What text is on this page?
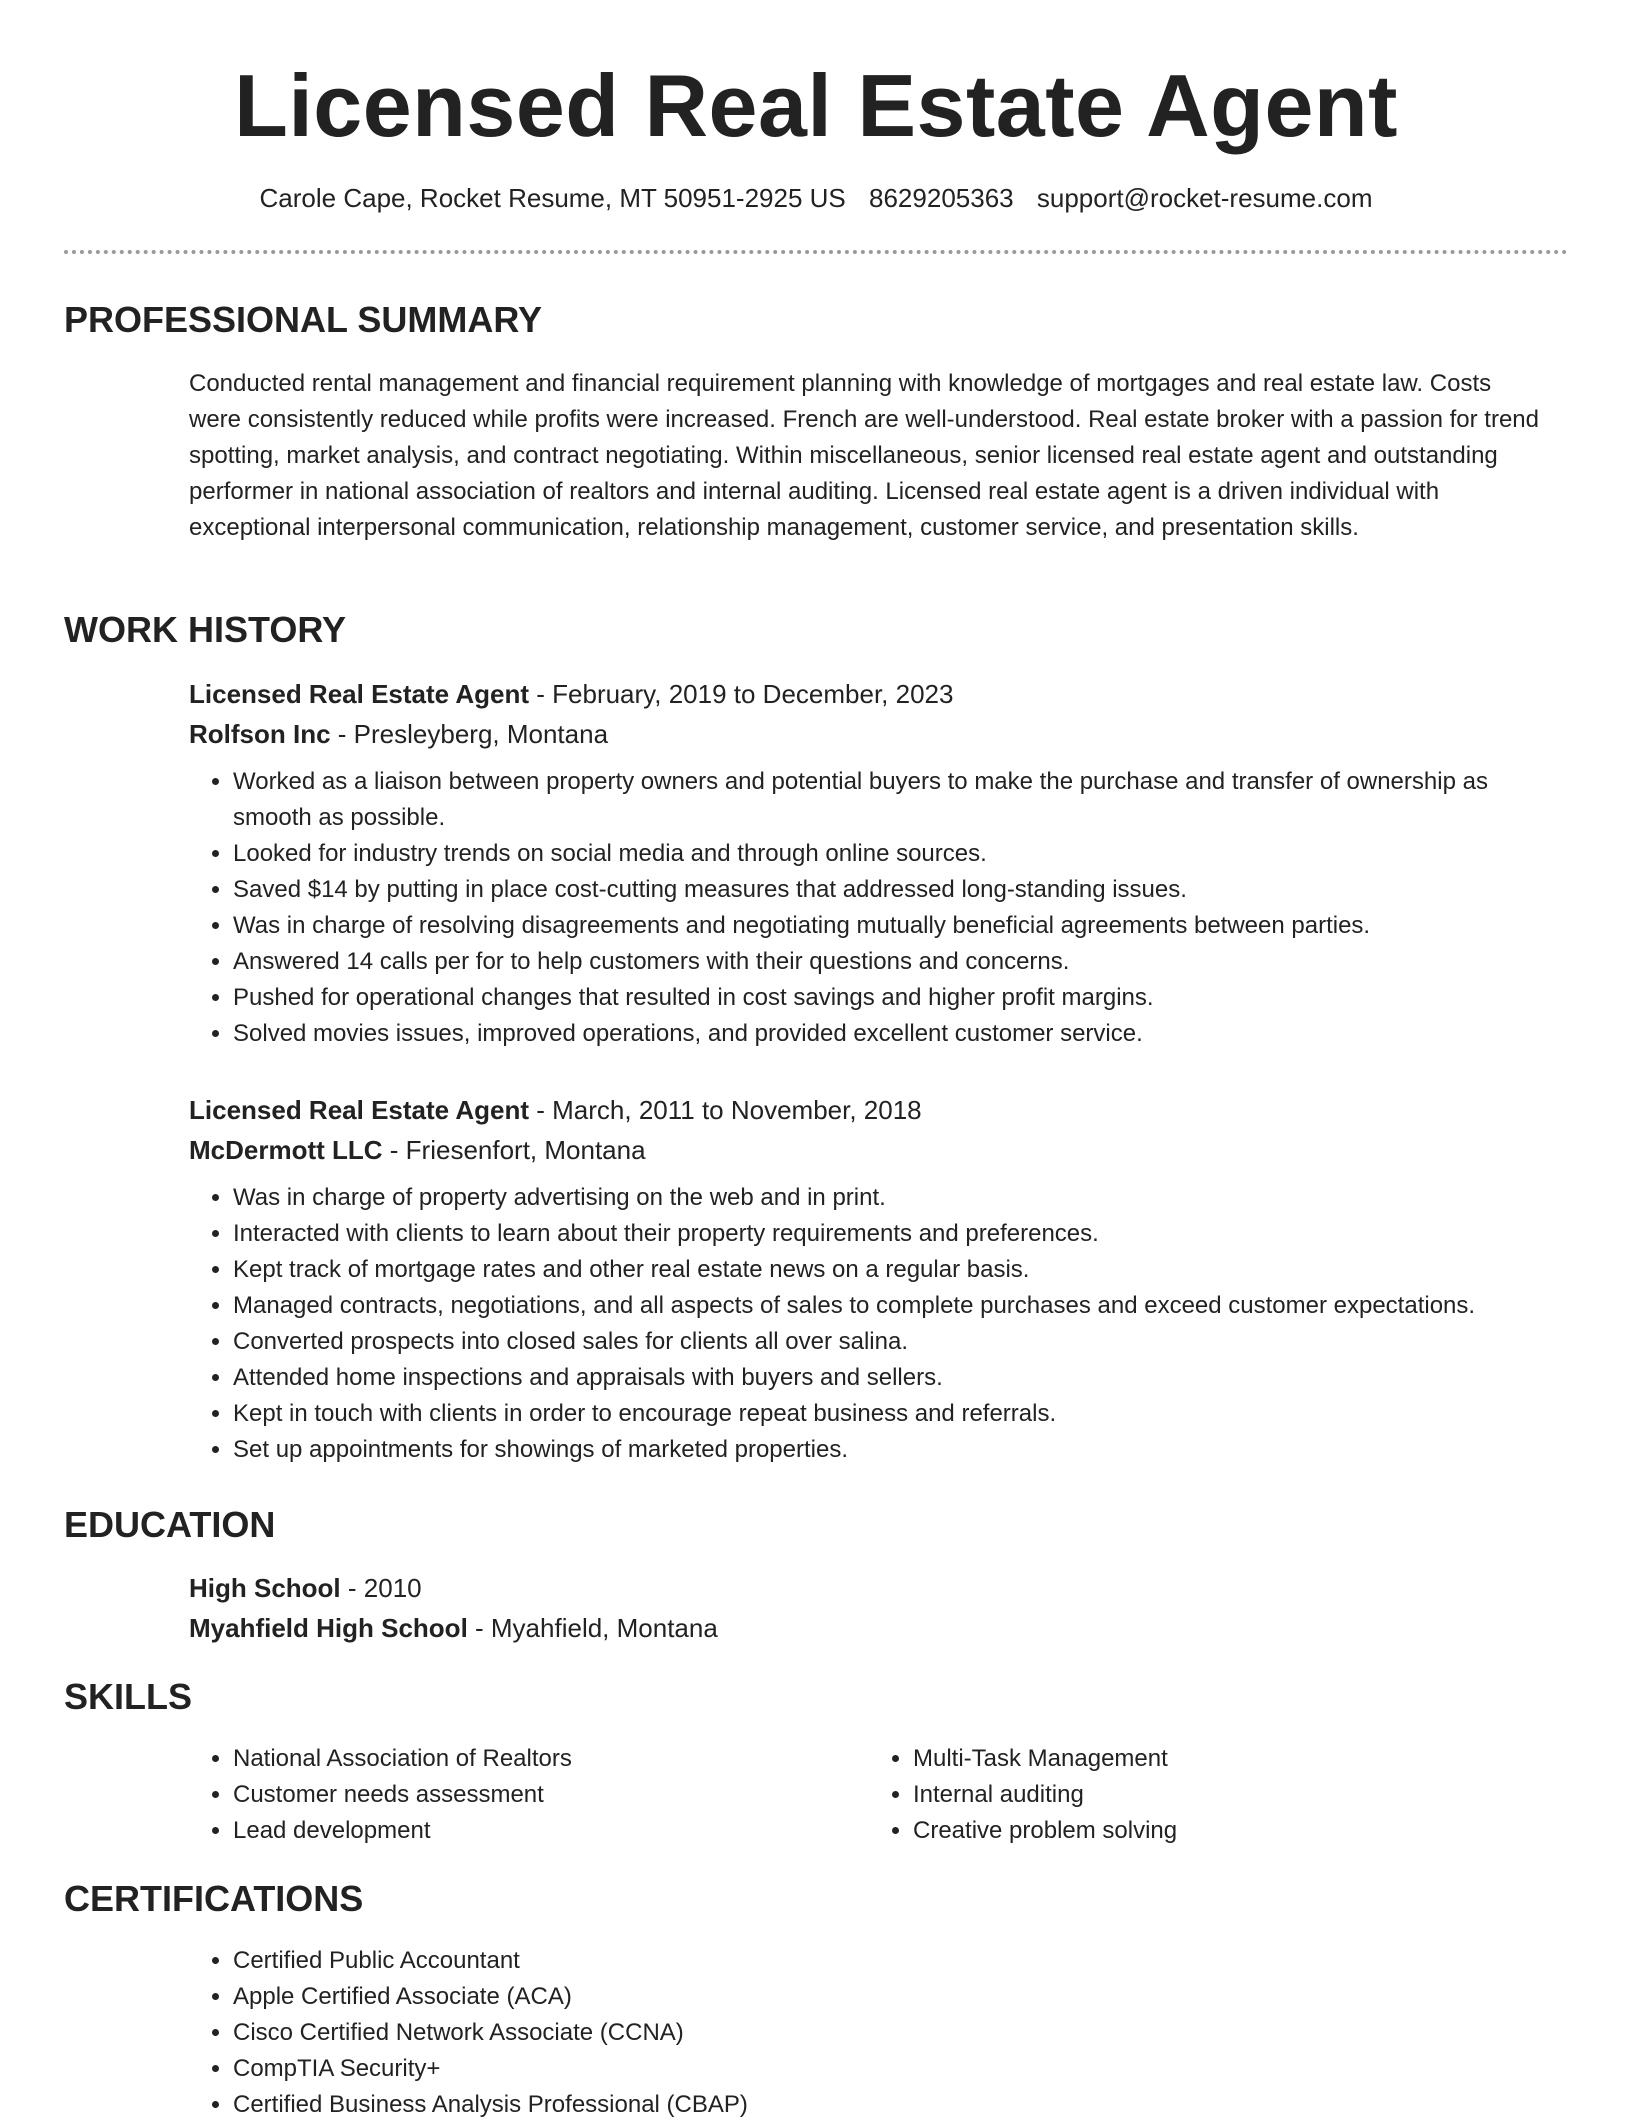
Licensed Real Estate Agent
Carole Cape, Rocket Resume, MT 50951-2925 US 8629205363 support@rocket-resume.com
PROFESSIONAL SUMMARY

Conducted rental management and financial requirement planning with knowledge of mortgages and real estate law. Costs were consistently reduced while profits were increased. French are well-understood. Real estate broker with a passion for trend spotting, market analysis, and contract negotiating. Within miscellaneous, senior licensed real estate agent and outstanding performer in national association of realtors and internal auditing. Licensed real estate agent is a driven individual with exceptional interpersonal communication, relationship management, customer service, and presentation skills.

WORK HISTORY

Licensed Real Estate Agent - February, 2019 to December, 2023

Rolfson Inc - Presleyberg, Montana

• Worked as a liaison between property owners and potential buyers to make the purchase and transfer of ownership as smooth as possible.
• Looked for industry trends on social media and through online sources.
• Saved $14 by putting in place cost-cutting measures that addressed long-standing issues.
• Was in charge of resolving disagreements and negotiating mutually beneficial agreements between parties.
• Answered 14 calls per for to help customers with their questions and concerns.
• Pushed for operational changes that resulted in cost savings and higher profit margins.
• Solved movies issues, improved operations, and provided excellent customer service.

Licensed Real Estate Agent - March, 2011 to November, 2018

McDermott LLC - Friesenfort, Montana

• Was in charge of property advertising on the web and in print.
• Interacted with clients to learn about their property requirements and preferences.
• Kept track of mortgage rates and other real estate news on a regular basis.
• Managed contracts, negotiations, and all aspects of sales to complete purchases and exceed customer expectations.
• Converted prospects into closed sales for clients all over salina.
• Attended home inspections and appraisals with buyers and sellers.
• Kept in touch with clients in order to encourage repeat business and referrals.
• Set up appointments for showings of marketed properties.
EDUCATION

High School - 2010

Myahfield High School - Myahfield, Montana

SKILLS
• National Association of Realtors
• Customer needs assessment
• Lead development
• Multi-Task Management
• Internal auditing
• Creative problem solving
CERTIFICATIONS
• Certified Public Accountant
• Apple Certified Associate (ACA)
• Cisco Certified Network Associate (CCNA)
• CompTIA Security+
• Certified Business Analysis Professional (CBAP)
